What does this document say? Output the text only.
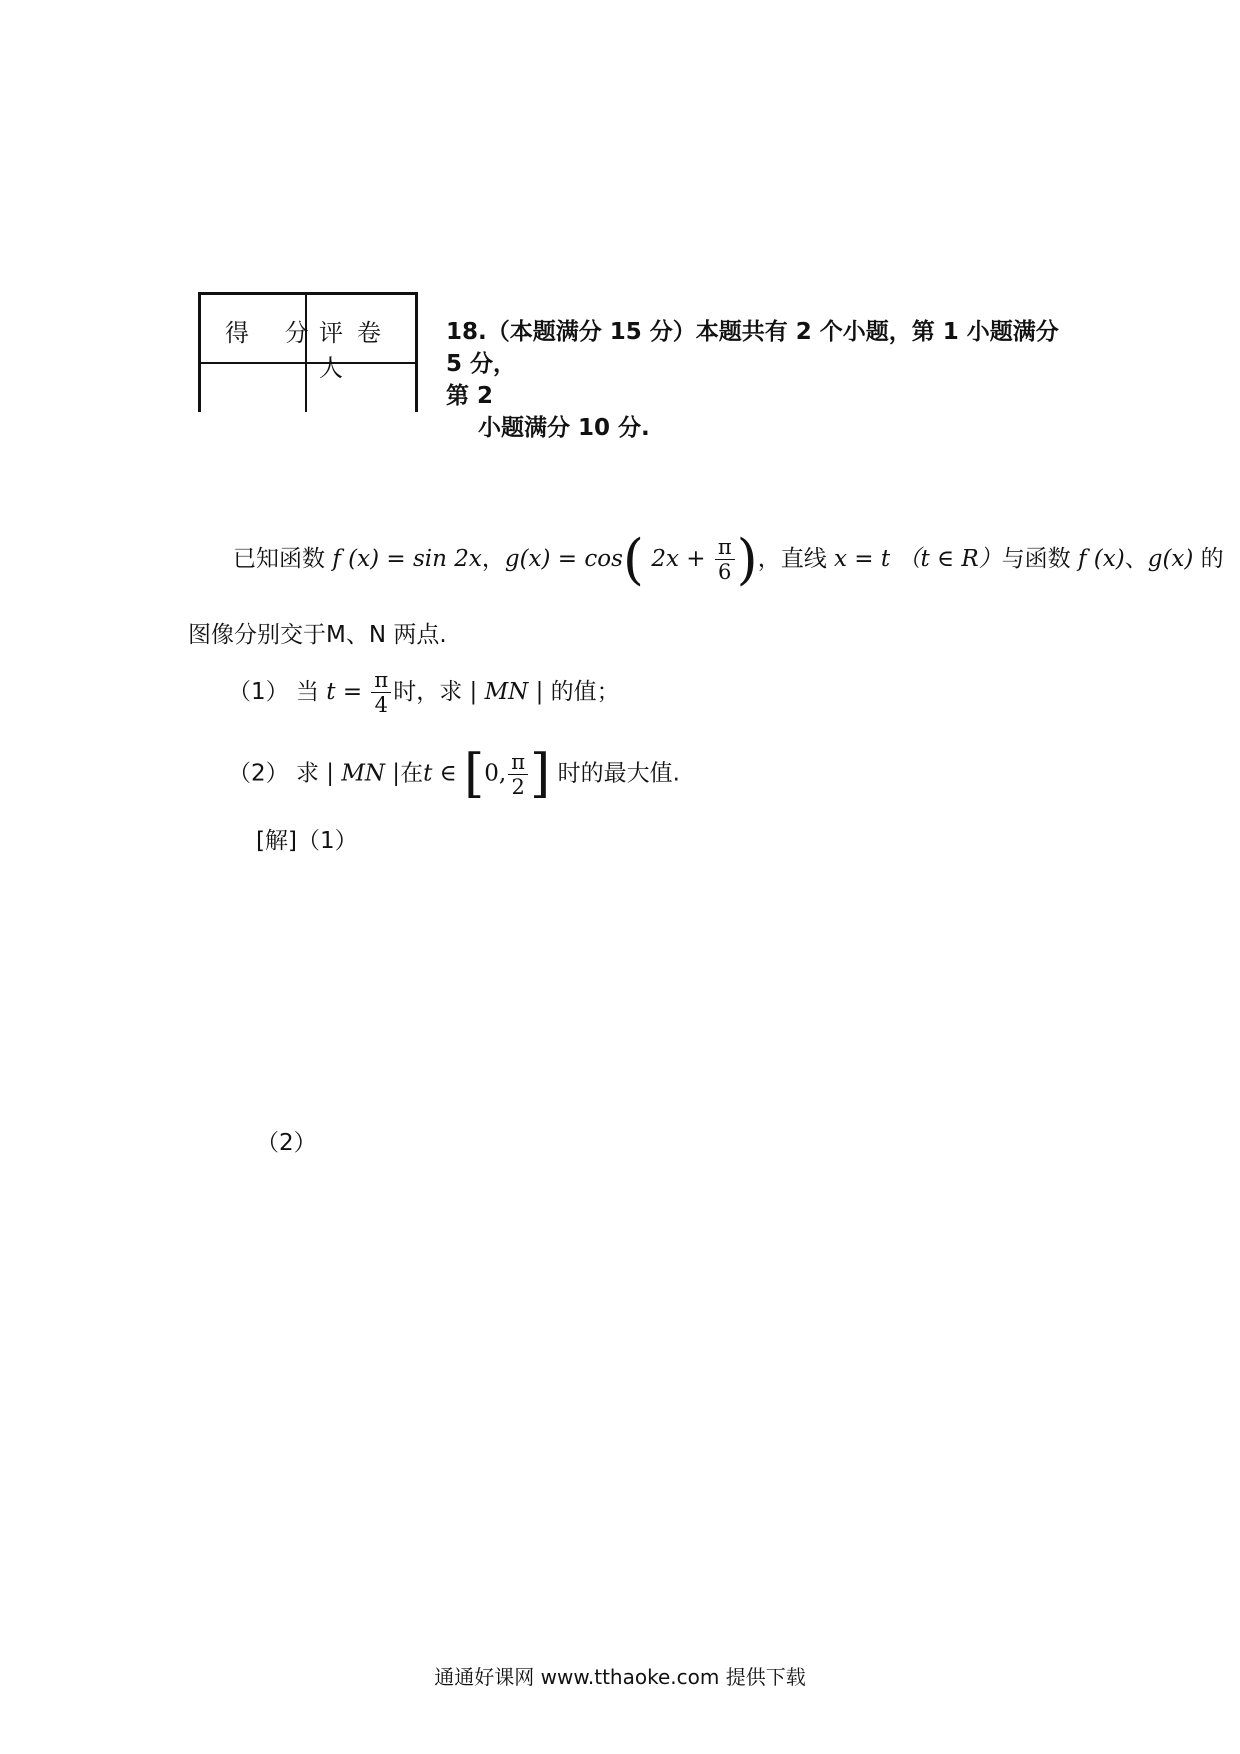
得 分
评卷人
18.（本题满分 15 分）本题共有 2 个小题，第 1 小题满分 5 分，
第 2

小题满分 10 分.
已知函数 f (x) = sin 2x，g(x) = cos( $2x + \frac{\pi}{6}$ )，直线 x = t （t ∈ R）与函数 f (x)、g(x) 的
图像分别交于M、N 两点.
（1） 当 $t = \frac{\pi}{4}$ 时，求 | MN | 的值；
（2） 求 | MN |在t ∈ [0, $\frac{\pi}{2}$ ] 时的最大值.
[解]（1）
（2）
通通好课网 www.tthaoke.com 提供下载
